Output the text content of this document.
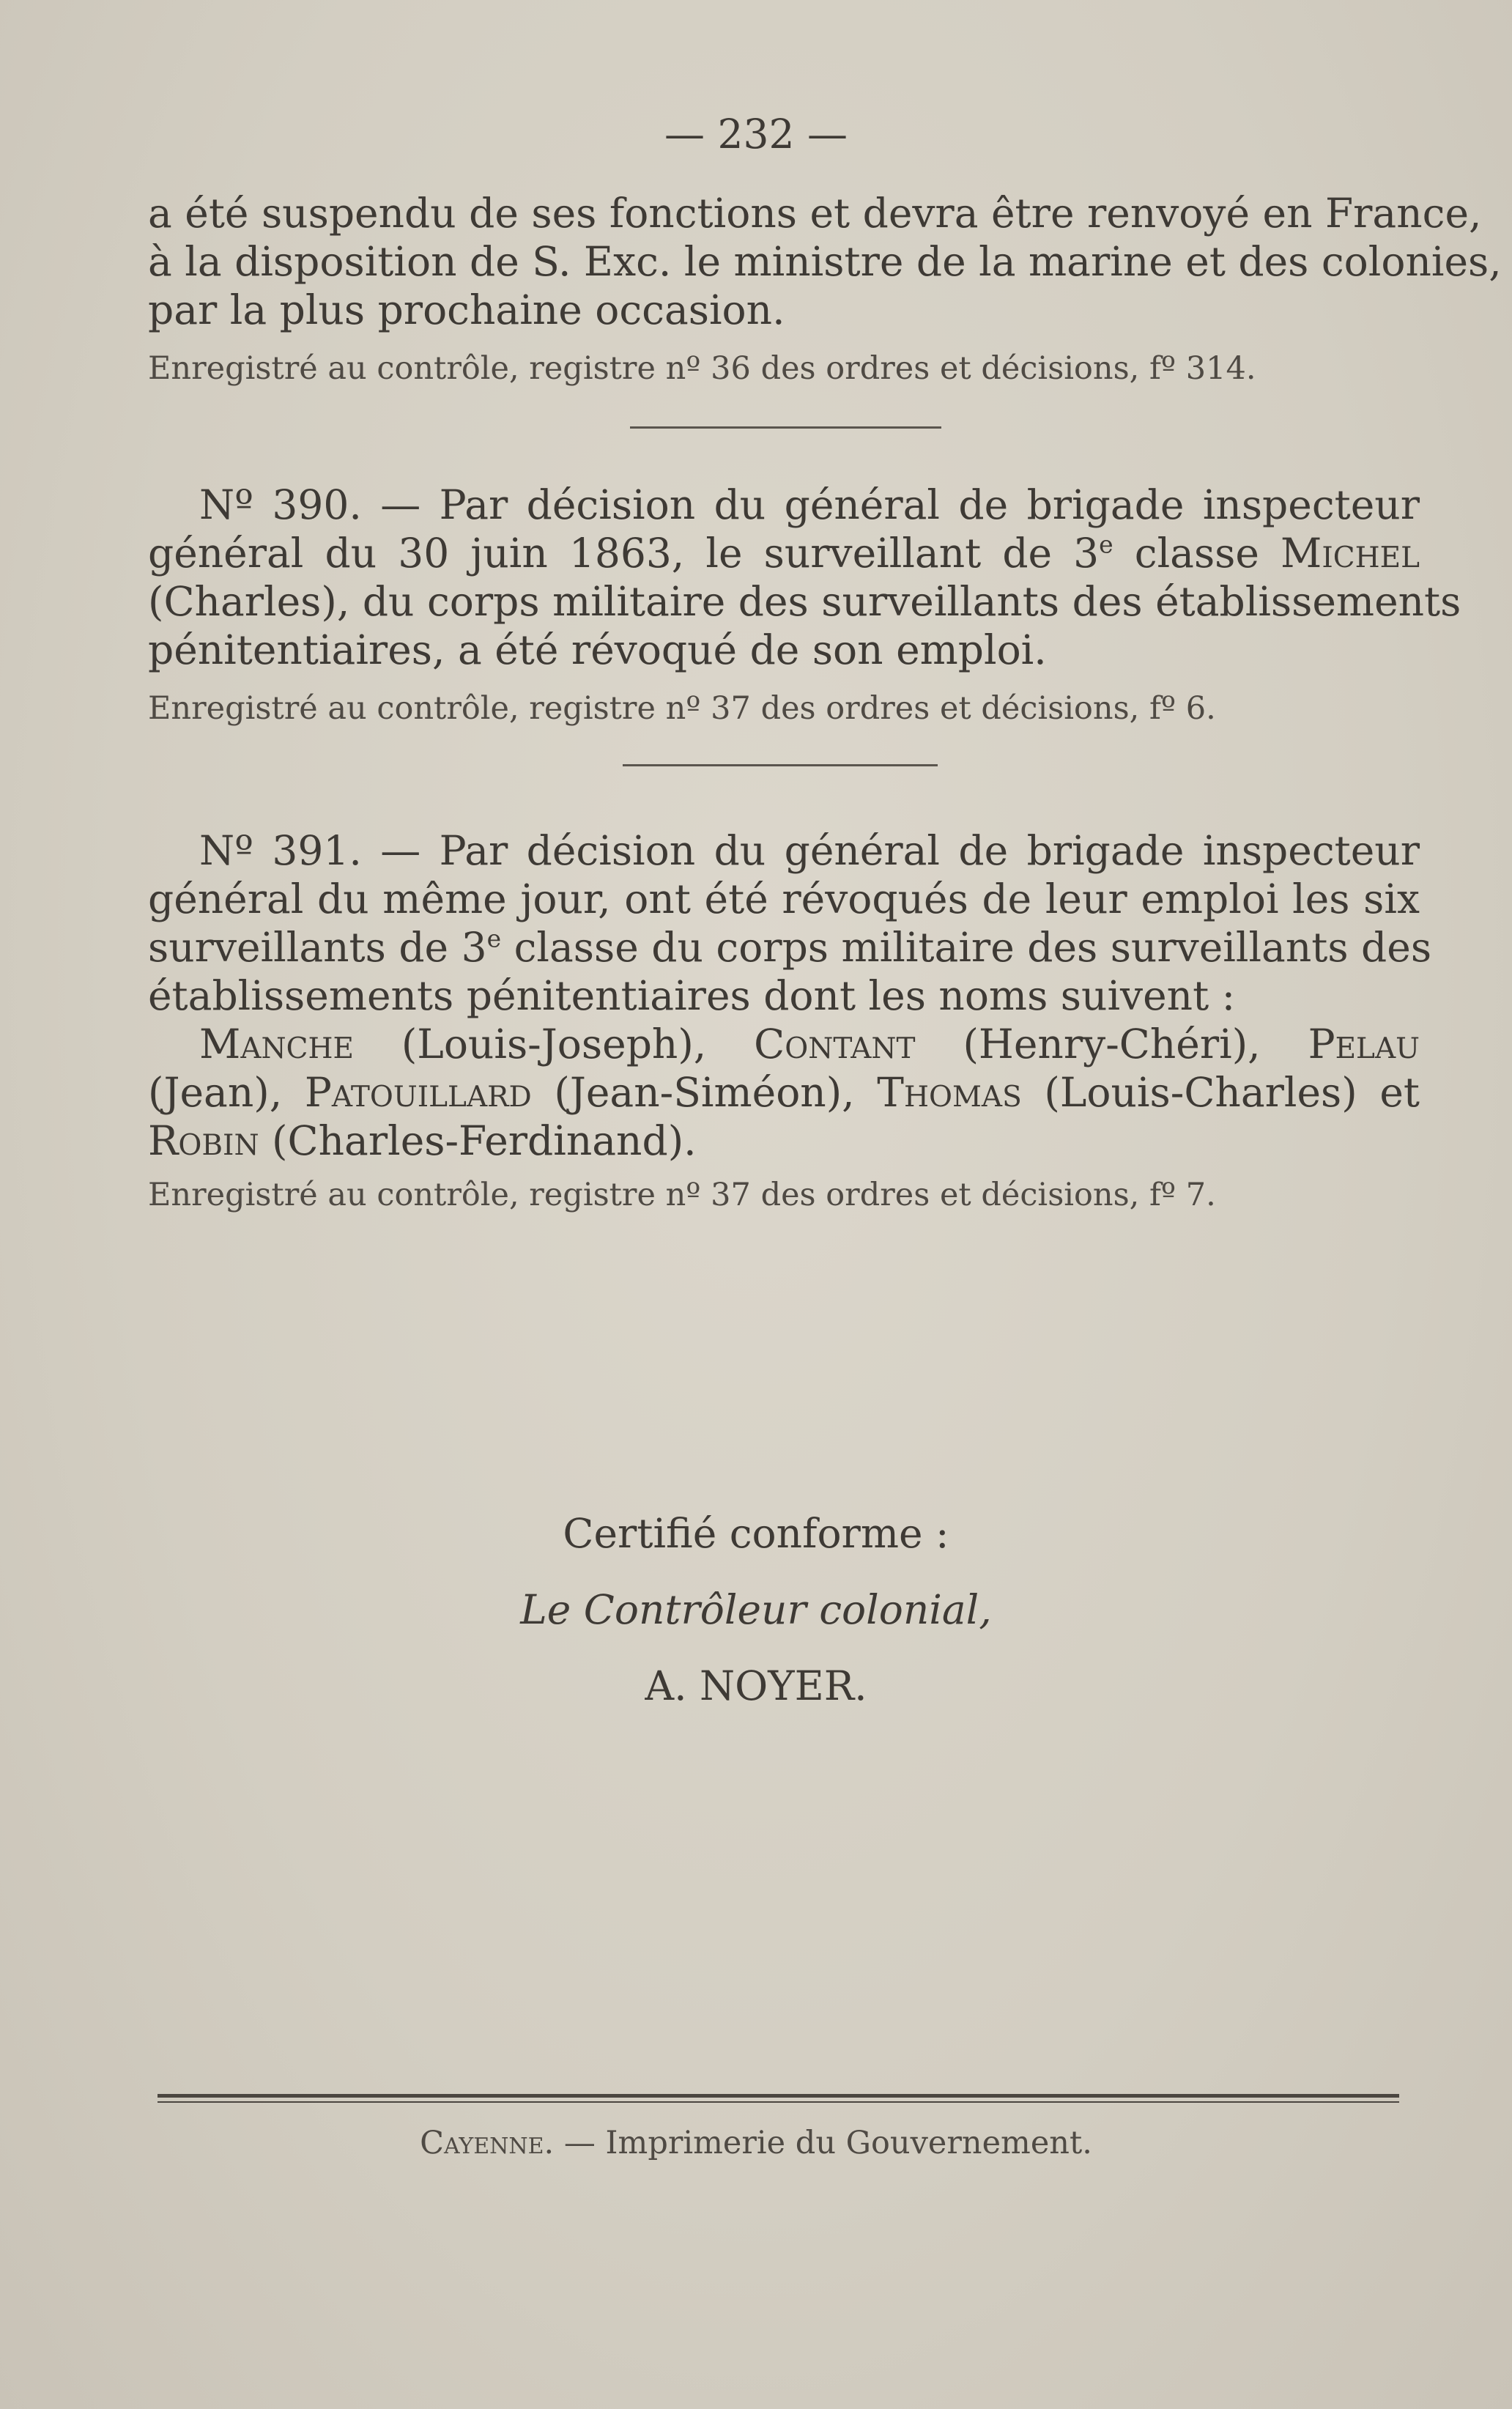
— 232 —
a été suspendu de ses fonctions et devra être renvoyé en France,
à la disposition de S. Exc. le ministre de la marine et des colonies,
par la plus prochaine occasion.
Enregistré au contrôle, registre nº 36 des ordres et décisions, fº 314.
Nº 390. — Par décision du général de brigade inspecteur
général du 30 juin 1863, le surveillant de 3e classe Michel
(Charles), du corps militaire des surveillants des établissements
pénitentiaires, a été révoqué de son emploi.
Enregistré au contrôle, registre nº 37 des ordres et décisions, fº 6.
Nº 391. — Par décision du général de brigade inspecteur
général du même jour, ont été révoqués de leur emploi les six
surveillants de 3e classe du corps militaire des surveillants des
établissements pénitentiaires dont les noms suivent :
Manche (Louis-Joseph), Contant (Henry-Chéri), Pelau
(Jean), Patouillard (Jean-Siméon), Thomas (Louis-Charles) et
Robin (Charles-Ferdinand).
Enregistré au contrôle, registre nº 37 des ordres et décisions, fº 7.
Certifié conforme :
Le Contrôleur colonial,
A. NOYER.
Cayenne. — Imprimerie du Gouvernement.
